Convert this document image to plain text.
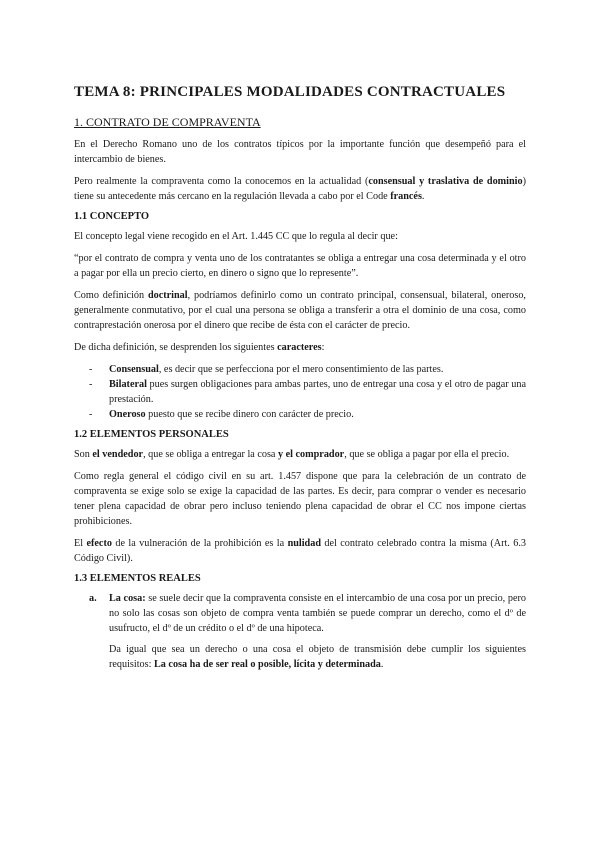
TEMA 8: PRINCIPALES MODALIDADES CONTRACTUALES
1. CONTRATO DE COMPRAVENTA

En el Derecho Romano uno de los contratos típicos por la importante función que desempeñó para el intercambio de bienes.

Pero realmente la compraventa como la conocemos en la actualidad (consensual y traslativa de dominio) tiene su antecedente más cercano en la regulación llevada a cabo por el Code francés.

1.1 CONCEPTO

El concepto legal viene recogido en el Art. 1.445 CC que lo regula al decir que:

“por el contrato de compra y venta uno de los contratantes se obliga a entregar una cosa determinada y el otro a pagar por ella un precio cierto, en dinero o signo que lo represente”.

Como definición doctrinal, podríamos definirlo como un contrato principal, consensual, bilateral, oneroso, generalmente conmutativo, por el cual una persona se obliga a transferir a otra el dominio de una cosa, como contraprestación onerosa por el dinero que recibe de ésta con el carácter de precio.

De dicha definición, se desprenden los siguientes caracteres:

- Consensual, es decir que se perfecciona por el mero consentimiento de las partes.
- Bilateral pues surgen obligaciones para ambas partes, uno de entregar una cosa y el otro de pagar una prestación.
- Oneroso puesto que se recibe dinero con carácter de precio.
1.2 ELEMENTOS PERSONALES

Son el vendedor, que se obliga a entregar la cosa y el comprador, que se obliga a pagar por ella el precio.

Como regla general el código civil en su art. 1.457 dispone que para la celebración de un contrato de compraventa se exige solo se exige la capacidad de las partes. Es decir, para comprar o vender es necesario tener plena capacidad de obrar pero incluso teniendo plena capacidad de obrar el CC nos impone ciertas prohibiciones.

El efecto de la vulneración de la prohibición es la nulidad del contrato celebrado contra la misma (Art. 6.3 Código Civil).

1.3 ELEMENTOS REALES
a. La cosa: se suele decir que la compraventa consiste en el intercambio de una cosa por un precio, pero no solo las cosas son objeto de compra venta también se puede comprar un derecho, como el dº de usufructo, el dº de un crédito o el dº de una hipoteca.

Da igual que sea un derecho o una cosa el objeto de transmisión debe cumplir los siguientes requisitos: La cosa ha de ser real o posible, lícita y determinada.
